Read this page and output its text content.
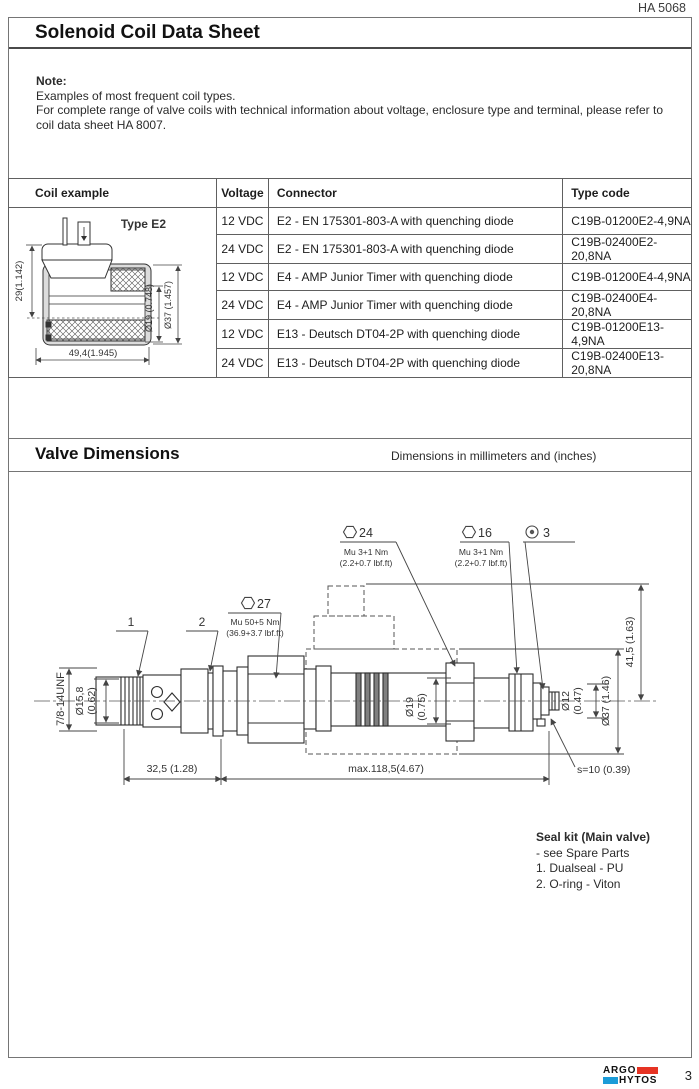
HA 5068
Solenoid Coil Data Sheet
Note:
Examples of most frequent coil types.
For complete range of valve coils with technical information about voltage, enclosure type and terminal, please refer to coil data sheet HA 8007.
Coil example	Voltage	Connector	Type code

Type E2
29(1.142)
Ø19 (0.748) Ø37 (1.457)
49,4(1.945)	12 VDC	E2 - EN 175301-803-A with quenching diode	C19B-01200E2-4,9NA
	24 VDC	E2 - EN 175301-803-A with quenching diode	C19B-02400E2-20,8NA
	12 VDC	E4 - AMP Junior Timer with quenching diode	C19B-01200E4-4,9NA
	24 VDC	E4 - AMP Junior Timer with quenching diode	C19B-02400E4-20,8NA
	12 VDC	E13 - Deutsch DT04-2P with quenching diode	C19B-01200E13-4,9NA
	24 VDC	E13 - Deutsch DT04-2P with quenching diode	C19B-02400E13-20,8NA
Valve Dimensions	Dimensions in millimeters and (inches)
27
Mu 50+5 Nm
(36.9+3.7 lbf.ft)
24
Mu 3+1 Nm
(2.2+0.7 lbf.ft)
16
Mu 3+1 Nm
(2.2+0.7 lbf.ft)
3
1	2
7/8-14UNF Ø15,8 (0.62)	Ø19 (0.75)	Ø12 (0.47) Ø37 (1.46)
41,5 (1.63)
32,5 (1.28)	max.118,5(4.67)	s=10 (0.39)
Seal kit (Main valve)
- see Spare Parts
1. Dualseal - PU
2. O-ring - Viton
ARGO
HYTOS 3
